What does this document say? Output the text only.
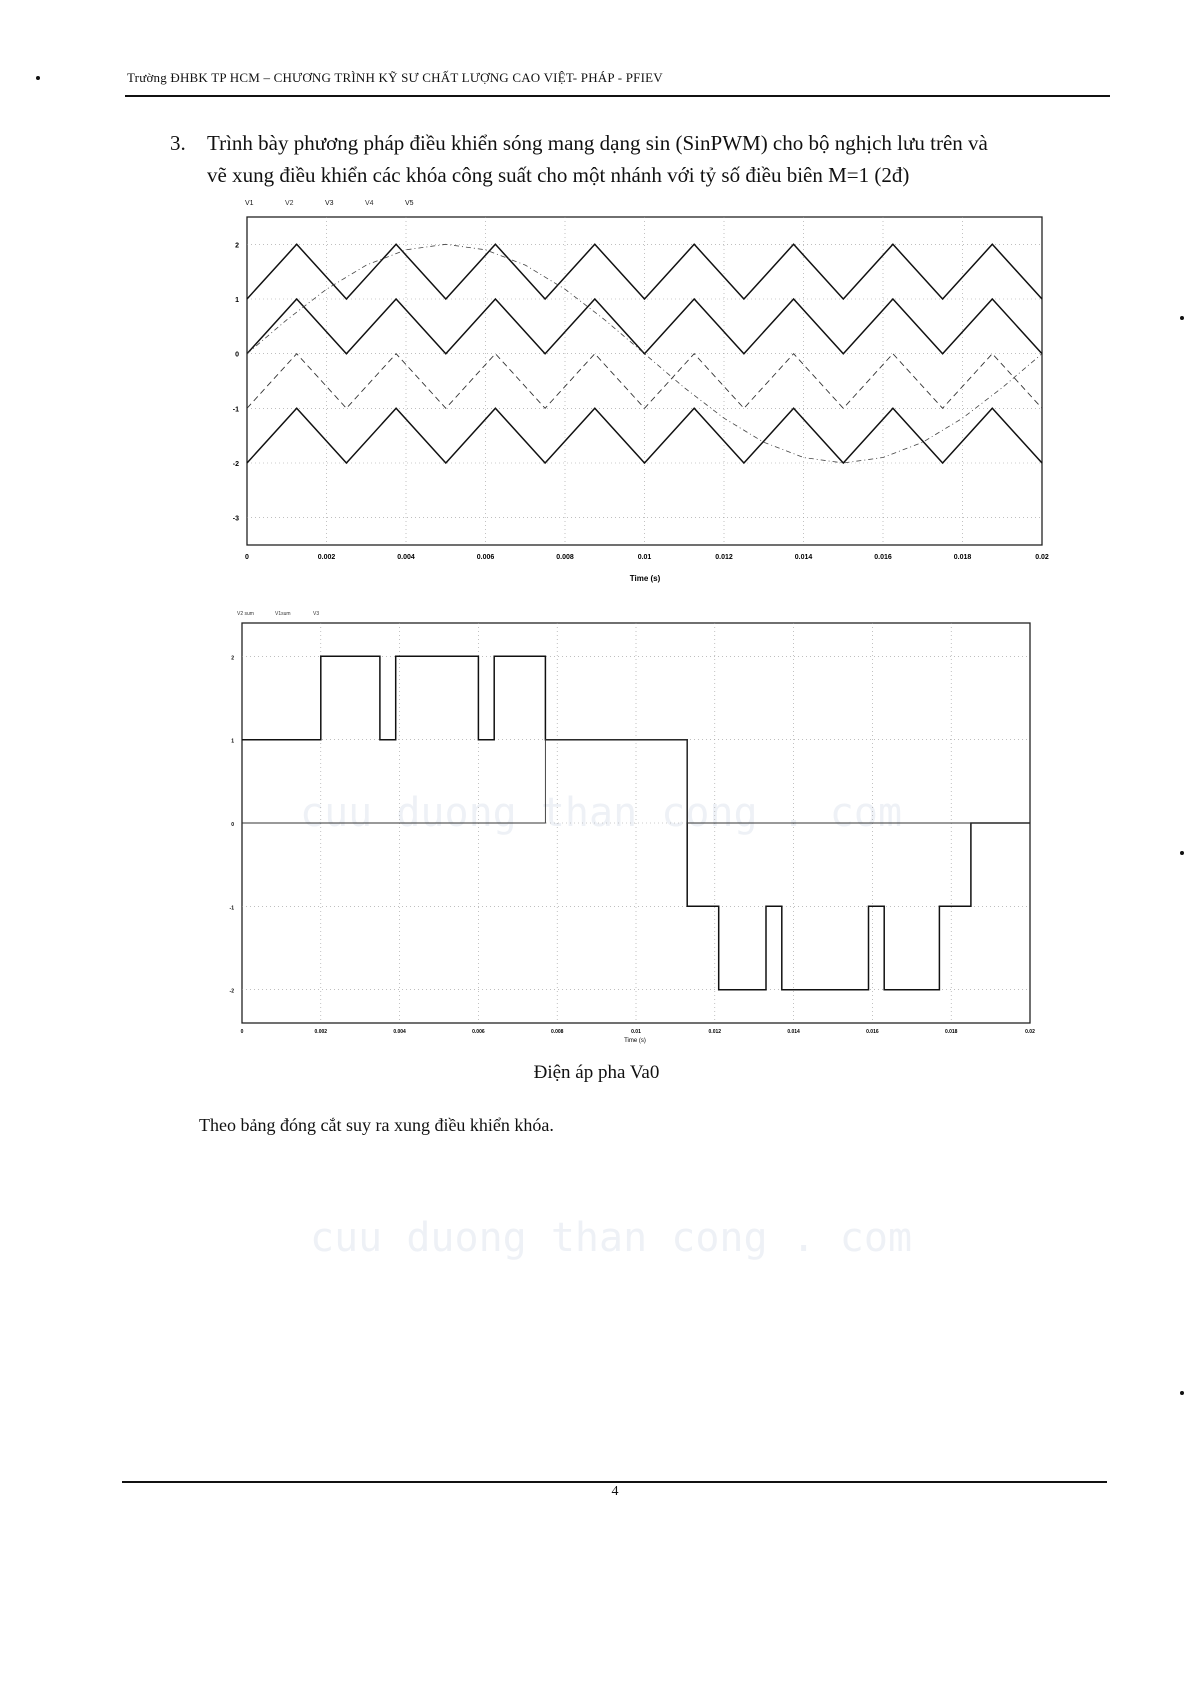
Trường ĐHBK TP HCM – CHƯƠNG TRÌNH KỸ SƯ CHẤT LƯỢNG CAO VIỆT- PHÁP - PFIEV
3. Trình bày phương pháp điều khiển sóng mang dạng sin (SinPWM) cho bộ nghịch lưu trên và
vẽ xung điều khiển các khóa công suất cho một nhánh với tỷ số điều biên M=1 (2đ)
cuu duong than cong . com
cuu duong than cong . com
V1	V2	V3	V4	V5
2
1
0
-1
-2
-3
0	0.002	0.004	0.006	0.008	0.01	0.012	0.014	0.016	0.018	0.02
Time (s)
V2 sum	V1sum	V3
2
1
0
-1
-2
0	0.002	0.004	0.006	0.008	0.01	0.012	0.014	0.016	0.018	0.02
Time (s)
Điện áp pha Va0
Theo bảng đóng cắt suy ra xung điều khiển khóa.
4
